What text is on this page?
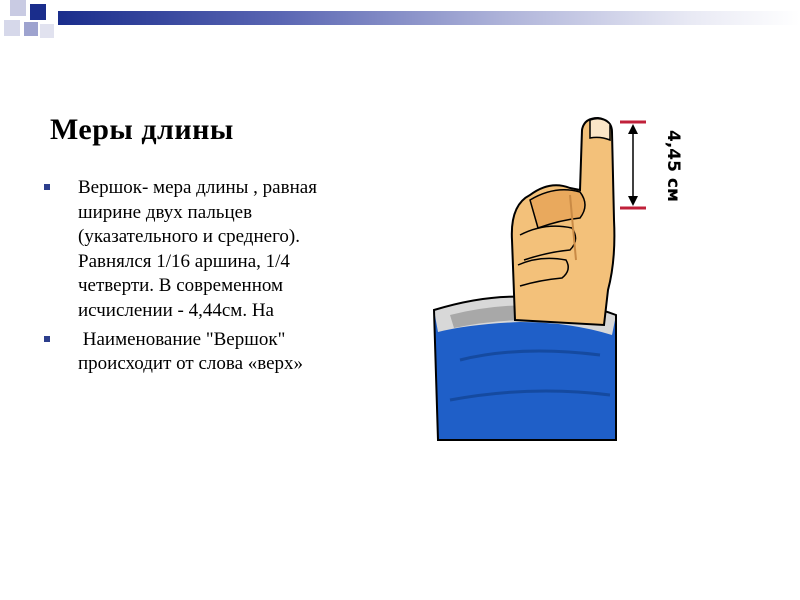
Меры длины
Вершок- мера длины , равная ширине двух пальцев (указательного и среднего). Равнялся 1/16 аршина, 1/4 четверти. В современном исчислении - 4,44см. На
Наименование "Вершок" происходит от слова «верх»
4,45 см
